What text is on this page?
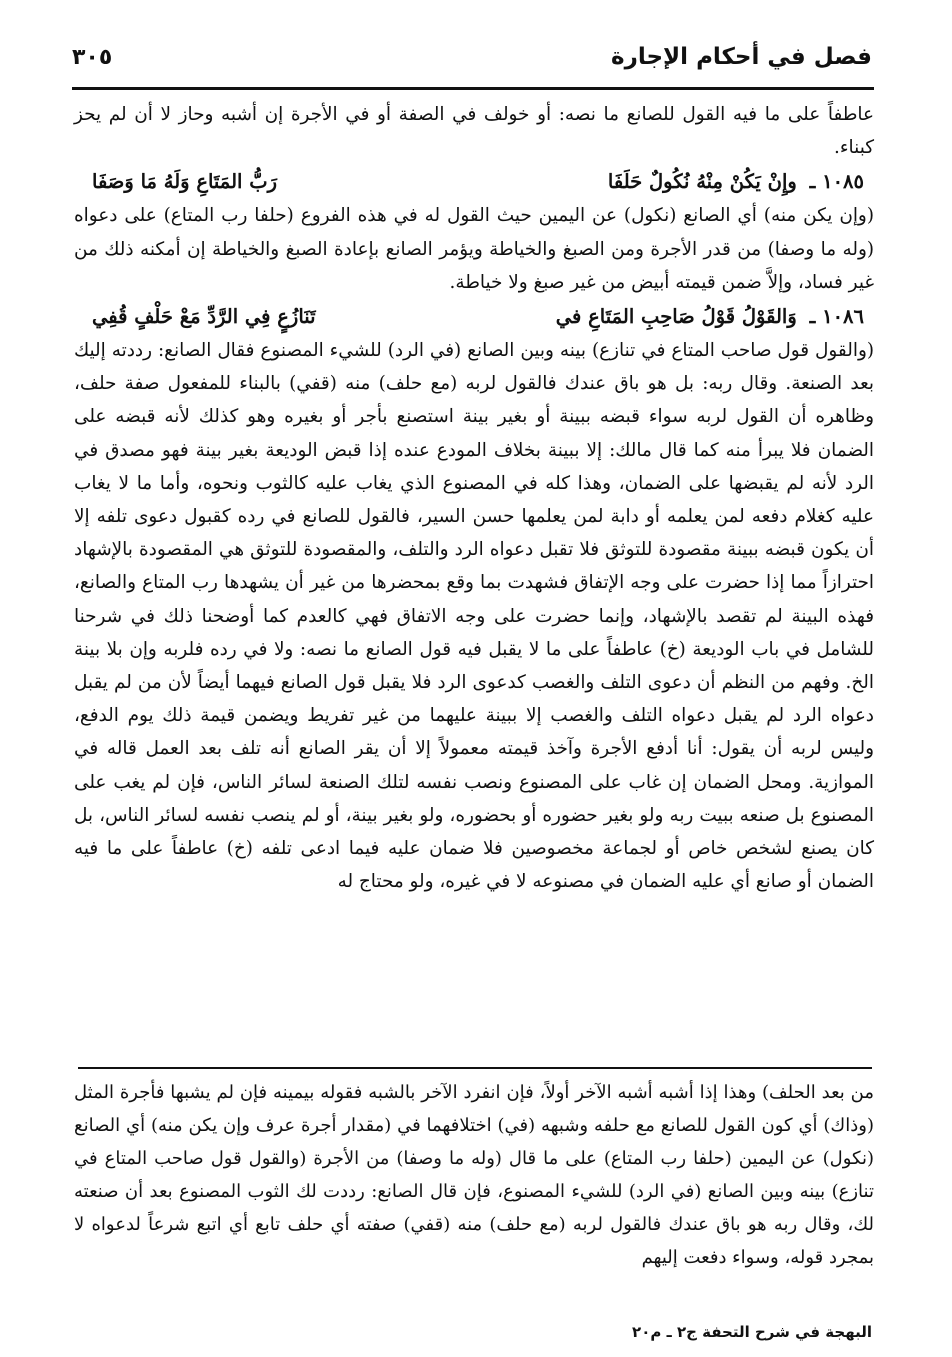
فصل في أحكام الإجارة
٣٠٥

عاطفاً على ما فيه القول للصانع ما نصه: أو خولف في الصفة أو في الأجرة إن أشبه وحاز لا أن لم يحز كبناء.

١٠٨٥ ـ وإِنْ يَكُنْ مِنْهُ نُكُولٌ حَلَفَا
رَبُّ المَتَاعِ وَلَهُ مَا وَصَفَا

(وإن يكن منه) أي الصانع (نكول) عن اليمين حيث القول له في هذه الفروع (حلفا رب المتاع) على دعواه (وله ما وصفا) من قدر الأجرة ومن الصبغ والخياطة ويؤمر الصانع بإعادة الصبغ والخياطة إن أمكنه ذلك من غير فساد، وإلاَّ ضمن قيمته أبيض من غير صبغ ولا خياطة.

١٠٨٦ ـ وَالقَوْلُ قَوْلُ صَاحِبِ المَتَاعِ في
تَنَازُعٍ فِي الرَّدِّ مَعْ حَلْفٍ قُفِي

(والقول قول صاحب المتاع في تنازع) بينه وبين الصانع (في الرد) للشيء المصنوع فقال الصانع: رددته إليك بعد الصنعة. وقال ربه: بل هو باق عندك فالقول لربه (مع حلف) منه (قفي) بالبناء للمفعول صفة حلف، وظاهره أن القول لربه سواء قبضه ببينة أو بغير بينة استصنع بأجر أو بغيره وهو كذلك لأنه قبضه على الضمان فلا يبرأ منه كما قال مالك: إلا ببينة بخلاف المودع عنده إذا قبض الوديعة بغير بينة فهو مصدق في الرد لأنه لم يقبضها على الضمان، وهذا كله في المصنوع الذي يغاب عليه كالثوب ونحوه، وأما ما لا يغاب عليه كغلام دفعه لمن يعلمه أو دابة لمن يعلمها حسن السير، فالقول للصانع في رده كقبول دعوى تلفه إلا أن يكون قبضه ببينة مقصودة للتوثق فلا تقبل دعواه الرد والتلف، والمقصودة للتوثق هي المقصودة بالإشهاد احترازاً مما إذا حضرت على وجه الإتفاق فشهدت بما وقع بمحضرها من غير أن يشهدها رب المتاع والصانع، فهذه البينة لم تقصد بالإشهاد، وإنما حضرت على وجه الاتفاق فهي كالعدم كما أوضحنا ذلك في شرحنا للشامل في باب الوديعة (خ) عاطفاً على ما لا يقبل فيه قول الصانع ما نصه: ولا في رده فلربه وإن بلا بينة الخ. وفهم من النظم أن دعوى التلف والغصب كدعوى الرد فلا يقبل قول الصانع فيهما أيضاً لأن من لم يقبل دعواه الرد لم يقبل دعواه التلف والغصب إلا ببينة عليهما من غير تفريط ويضمن قيمة ذلك يوم الدفع، وليس لربه أن يقول: أنا أدفع الأجرة وآخذ قيمته معمولاً إلا أن يقر الصانع أنه تلف بعد العمل قاله في الموازية. ومحل الضمان إن غاب على المصنوع ونصب نفسه لتلك الصنعة لسائر الناس، فإن لم يغب على المصنوع بل صنعه ببيت ربه ولو بغير حضوره أو بحضوره، ولو بغير بينة، أو لم ينصب نفسه لسائر الناس، بل كان يصنع لشخص خاص أو لجماعة مخصوصين فلا ضمان عليه فيما ادعى تلفه (خ) عاطفاً على ما فيه الضمان أو صانع أي عليه الضمان في مصنوعه لا في غيره، ولو محتاج له

من بعد الحلف) وهذا إذا أشبه أشبه الآخر أولاً، فإن انفرد الآخر بالشبه فقوله بيمينه فإن لم يشبها فأجرة المثل (وذاك) أي كون القول للصانع مع حلفه وشبهه (في) اختلافهما في (مقدار أجرة عرف وإن يكن منه) أي الصانع (نكول) عن اليمين (حلفا رب المتاع) على ما قال (وله ما وصفا) من الأجرة (والقول قول صاحب المتاع في تنازع) بينه وبين الصانع (في الرد) للشيء المصنوع، فإن قال الصانع: رددت لك الثوب المصنوع بعد أن صنعته لك، وقال ربه هو باق عندك فالقول لربه (مع حلف) منه (قفي) صفته أي حلف تابع أي اتبع شرعاً لدعواه لا بمجرد قوله، وسواء دفعت إليهم

البهجة في شرح التحفة ج٢ ـ م٢٠
